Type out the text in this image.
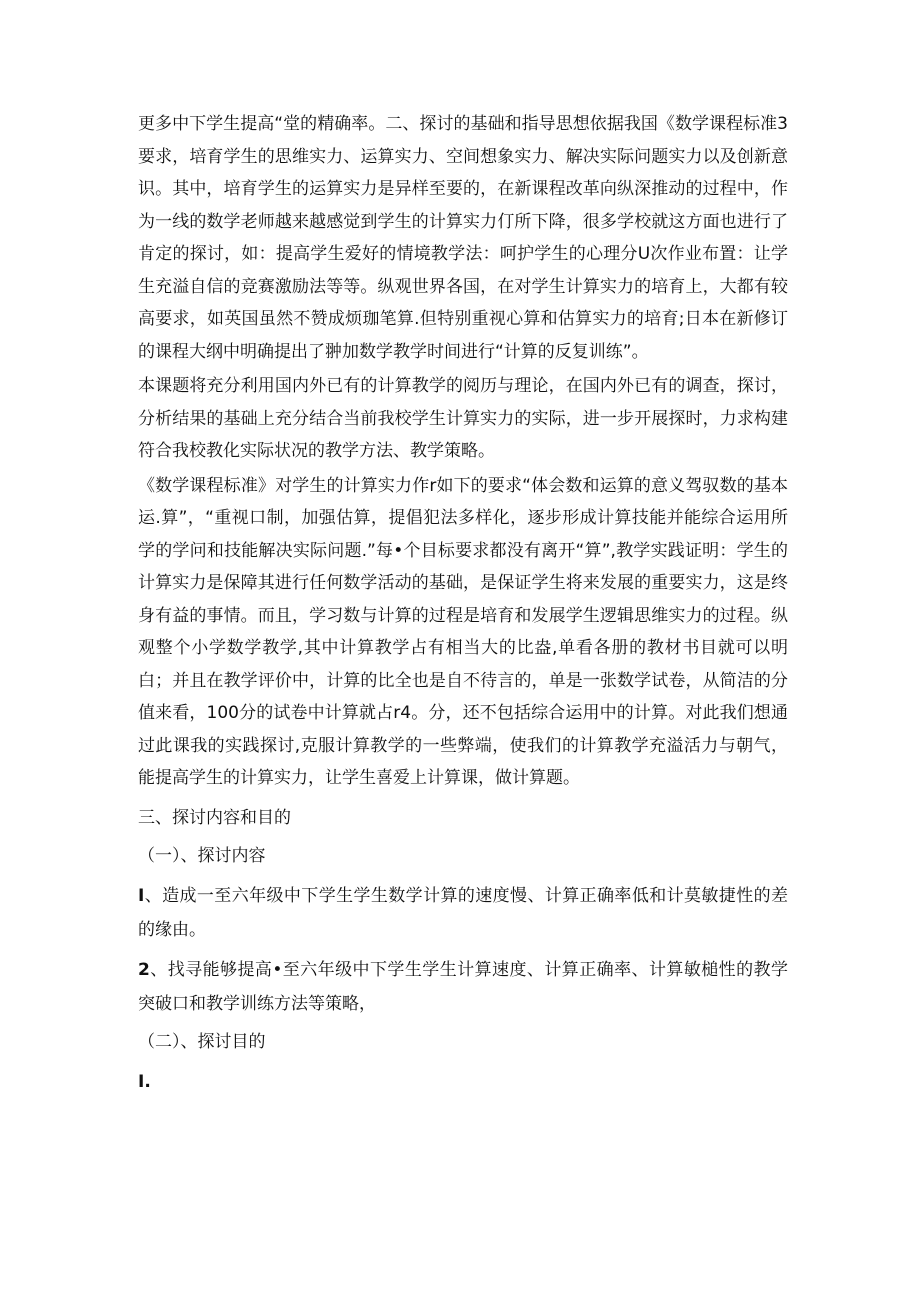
更多中下学生提高“堂的精确率。二、探讨的基础和指导思想依据我国《数学课程标准3要求，培育学生的思维实力、运算实力、空间想象实力、解决实际问题实力以及创新意识。其中，培育学生的运算实力是异样至要的，在新课程改革向纵深推动的过程中，作为一线的数学老师越来越感觉到学生的计算实力仃所下降，很多学校就这方面也进行了肯定的探讨，如：提高学生爱好的情境教学法：呵护学生的心理分U次作业布置：让学生充溢自信的竞赛激励法等等。纵观世界各国，在对学生计算实力的培育上，大都有较高要求，如英国虽然不赞成烦珈笔算.但特别重视心算和估算实力的培育;日本在新修订的课程大纲中明确提出了翀加数学教学时间进行“计算的反复训练”。

本课题将充分利用国内外已有的计算教学的阅历与理论，在国内外已有的调查，探讨，分析结果的基础上充分结合当前我校学生计算实力的实际，进一步开展探时，力求构建符合我校教化实际状况的教学方法、教学策略。

《数学课程标准》对学生的计算实力作r如下的要求“体会数和运算的意义驾驭数的基本运.算”，“重视口制，加强估算，提倡犯法多样化，逐步形成计算技能并能综合运用所学的学问和技能解决实际问题.”每•个目标要求都没有离开“算”,教学实践证明：学生的计算实力是保障其进行任何数学活动的基础，是保证学生将来发展的重要实力，这是终身有益的事情。而且，学习数与计算的过程是培育和发展学生逻辑思维实力的过程。纵观整个小学数学教学,其中计算教学占有相当大的比盎,单看各册的教材书目就可以明白；并且在教学评价中，计算的比全也是自不待言的，单是一张数学试卷，从简洁的分值来看，100分的试卷中计算就占r4。分，还不包括综合运用中的计算。对此我们想通过此课我的实践探讨,克服计算教学的一些弊端，使我们的计算教学充溢活力与朝气，能提高学生的计算实力，让学生喜爱上计算课，做计算题。

三、探讨内容和目的

（一）、探讨内容

I、造成一至六年级中下学生学生数学计算的速度慢、计算正确率低和计莫敏捷性的差的缘由。

2、找寻能够提高•至六年级中下学生学生计算速度、计算正确率、计算敏槌性的教学突破口和教学训练方法等策略，

（二）、探讨目的

I.
